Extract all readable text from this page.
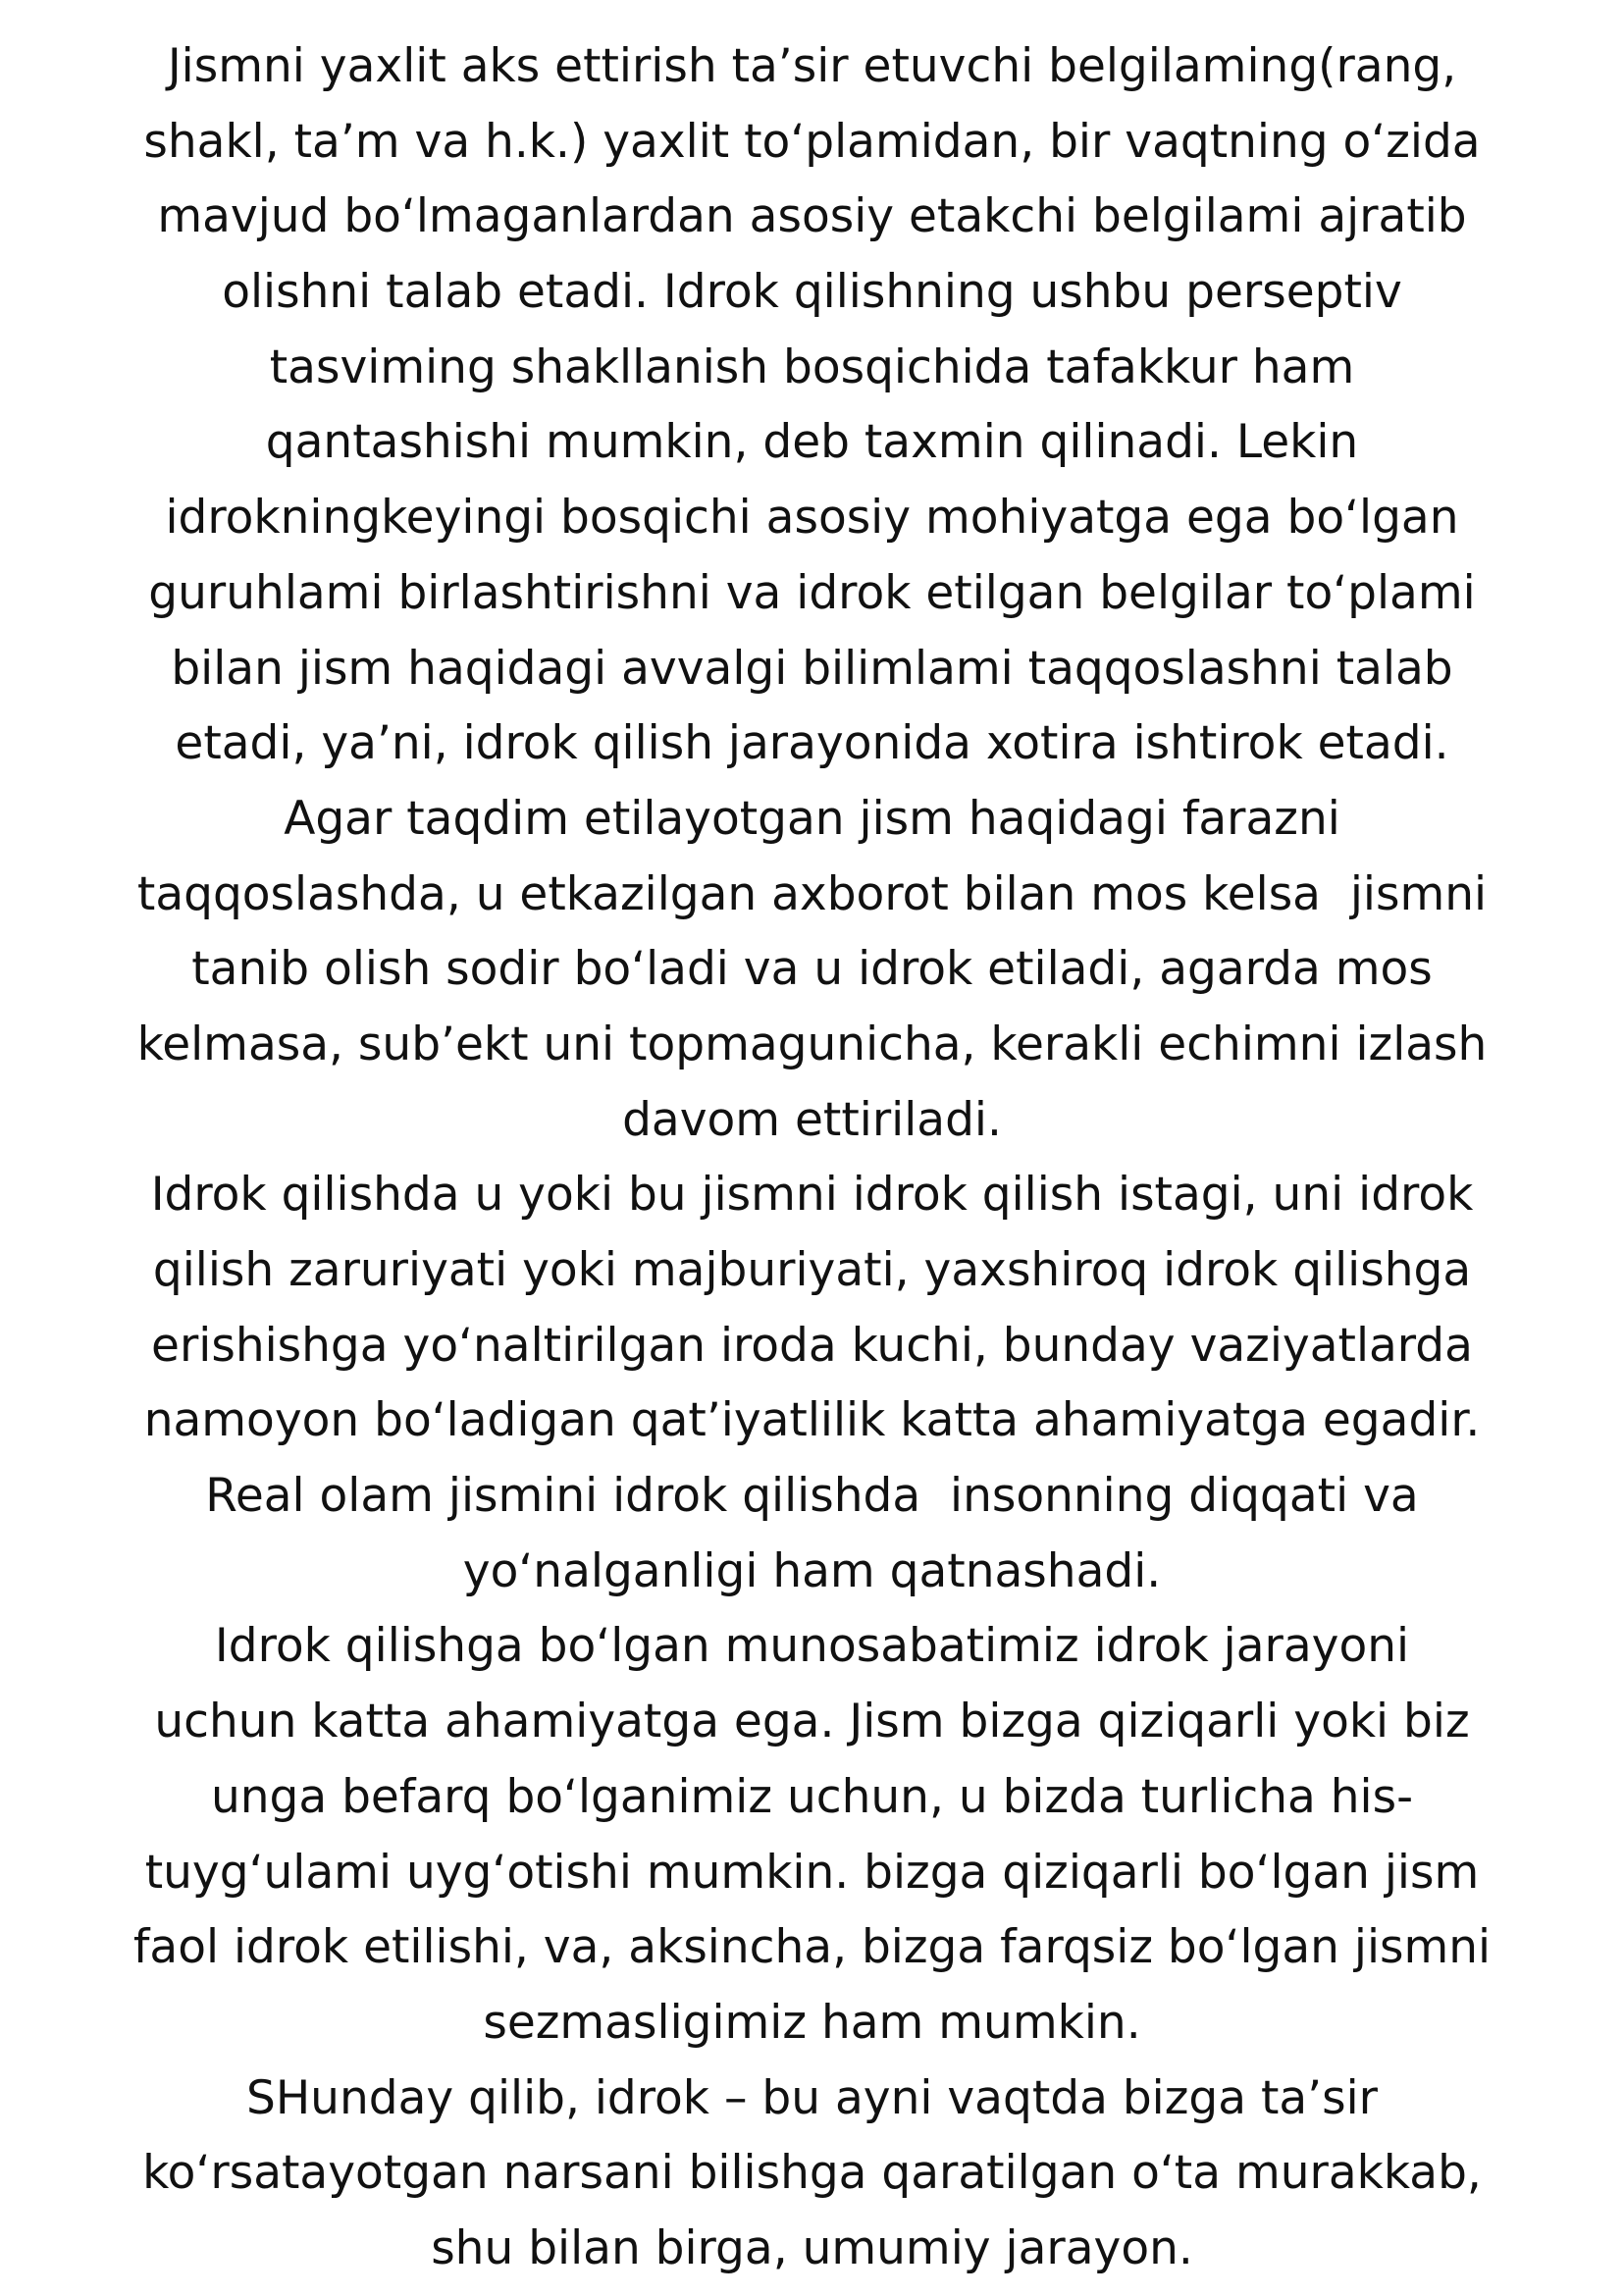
Jismni yaxlit aks ettirish ta’sir etuvchi belgilaming(rang,
shakl, ta’m va h.k.) yaxlit to‘plamidan, bir vaqtning o‘zida
mavjud bo‘lmaganlardan asosiy etakchi belgilami ajratib
olishni talab etadi. Idrok qilishning ushbu perseptiv
tasviming shakllanish bosqichida tafakkur ham
qantashishi mumkin, deb taxmin qilinadi. Lekin
idrokningkeyingi bosqichi asosiy mohiyatga ega bo‘lgan
guruhlami birlashtirishni va idrok etilgan belgilar to‘plami
bilan jism haqidagi avvalgi bilimlami taqqoslashni talab
etadi, ya’ni, idrok qilish jarayonida xotira ishtirok etadi.
Agar taqdim etilayotgan jism haqidagi farazni
taqqoslashda, u etkazilgan axborot bilan mos kelsa  jismni
tanib olish sodir bo‘ladi va u idrok etiladi, agarda mos
kelmasa, sub’ekt uni topmagunicha, kerakli echimni izlash
davom ettiriladi.
Idrok qilishda u yoki bu jismni idrok qilish istagi, uni idrok
qilish zaruriyati yoki majburiyati, yaxshiroq idrok qilishga
erishishga yo‘naltirilgan iroda kuchi, bunday vaziyatlarda
namoyon bo‘ladigan qat’iyatlilik katta ahamiyatga egadir.
Real olam jismini idrok qilishda  insonning diqqati va
yo‘nalganligi ham qatnashadi.
Idrok qilishga bo‘lgan munosabatimiz idrok jarayoni
uchun katta ahamiyatga ega. Jism bizga qiziqarli yoki biz
unga befarq bo‘lganimiz uchun, u bizda turlicha his-
tuyg‘ulami uyg‘otishi mumkin. bizga qiziqarli bo‘lgan jism
faol idrok etilishi, va, aksincha, bizga farqsiz bo‘lgan jismni
sezmasligimiz ham mumkin.
SHunday qilib, idrok – bu ayni vaqtda bizga ta’sir
ko‘rsatayotgan narsani bilishga qaratilgan o‘ta murakkab,
shu bilan birga, umumiy jarayon.
